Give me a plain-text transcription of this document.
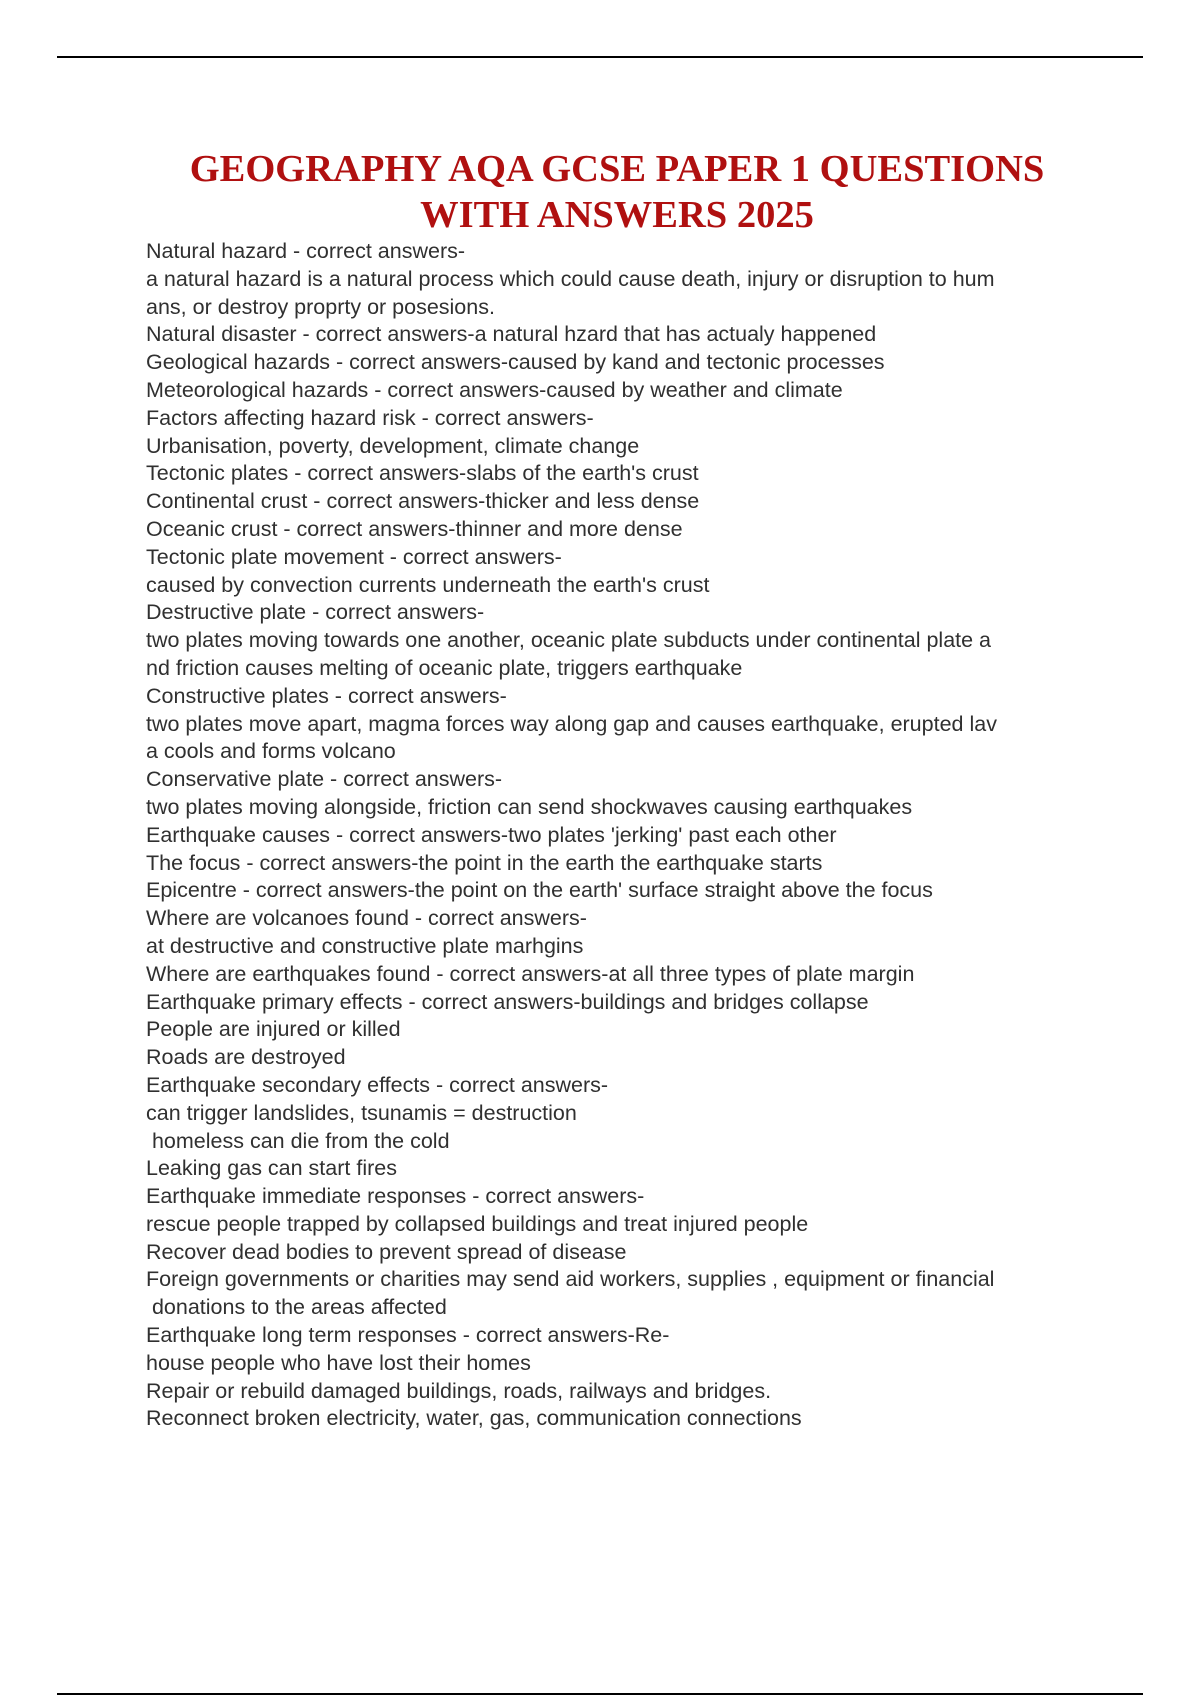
GEOGRAPHY AQA GCSE PAPER 1 QUESTIONS
WITH ANSWERS 2025
Natural hazard - correct answers-
a natural hazard is a natural process which could cause death, injury or disruption to hum
ans, or destroy proprty or posesions.
Natural disaster - correct answers-a natural hzard that has actualy happened
Geological hazards - correct answers-caused by kand and tectonic processes
Meteorological hazards - correct answers-caused by weather and climate
Factors affecting hazard risk - correct answers-
Urbanisation, poverty, development, climate change
Tectonic plates - correct answers-slabs of the earth's crust
Continental crust - correct answers-thicker and less dense
Oceanic crust - correct answers-thinner and more dense
Tectonic plate movement - correct answers-
caused by convection currents underneath the earth's crust
Destructive plate - correct answers-
two plates moving towards one another, oceanic plate subducts under continental plate a
nd friction causes melting of oceanic plate, triggers earthquake
Constructive plates - correct answers-
two plates move apart, magma forces way along gap and causes earthquake, erupted lav
a cools and forms volcano
Conservative plate - correct answers-
two plates moving alongside, friction can send shockwaves causing earthquakes
Earthquake causes - correct answers-two plates 'jerking' past each other
The focus - correct answers-the point in the earth the earthquake starts
Epicentre - correct answers-the point on the earth' surface straight above the focus
Where are volcanoes found - correct answers-
at destructive and constructive plate marhgins
Where are earthquakes found - correct answers-at all three types of plate margin
Earthquake primary effects - correct answers-buildings and bridges collapse
People are injured or killed
Roads are destroyed
Earthquake secondary effects - correct answers-
can trigger landslides, tsunamis = destruction
homeless can die from the cold
Leaking gas can start fires
Earthquake immediate responses - correct answers-
rescue people trapped by collapsed buildings and treat injured people
Recover dead bodies to prevent spread of disease
Foreign governments or charities may send aid workers, supplies , equipment or financial
donations to the areas affected
Earthquake long term responses - correct answers-Re-
house people who have lost their homes
Repair or rebuild damaged buildings, roads, railways and bridges.
Reconnect broken electricity, water, gas, communication connections
